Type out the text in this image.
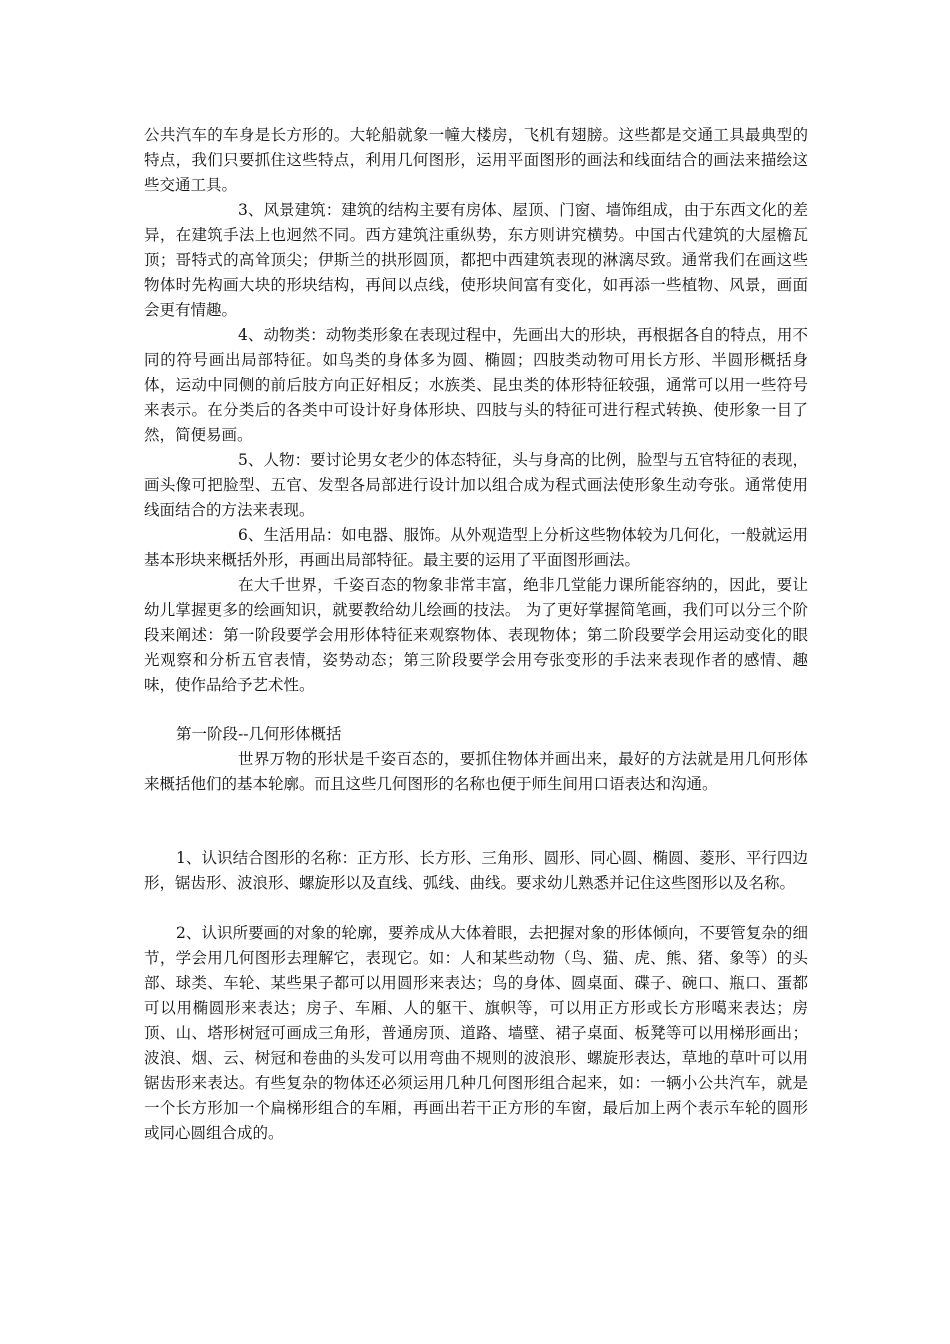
公共汽车的车身是长方形的。大轮船就象一幢大楼房，飞机有翅膀。这些都是交通工具最典型的特点，我们只要抓住这些特点，利用几何图形，运用平面图形的画法和线面结合的画法来描绘这些交通工具。

3、风景建筑：建筑的结构主要有房体、屋顶、门窗、墙饰组成，由于东西文化的差异，在建筑手法上也迥然不同。西方建筑注重纵势，东方则讲究横势。中国古代建筑的大屋檐瓦顶；哥特式的高耸顶尖；伊斯兰的拱形圆顶，都把中西建筑表现的淋漓尽致。通常我们在画这些物体时先构画大块的形块结构，再间以点线，使形块间富有变化，如再添一些植物、风景，画面会更有情趣。

4、动物类：动物类形象在表现过程中，先画出大的形块，再根据各自的特点，用不同的符号画出局部特征。如鸟类的身体多为圆、椭圆；四肢类动物可用长方形、半圆形概括身体，运动中同侧的前后肢方向正好相反；水族类、昆虫类的体形特征较强，通常可以用一些符号来表示。在分类后的各类中可设计好身体形块、四肢与头的特征可进行程式转换、使形象一目了然，简便易画。

5、人物：要讨论男女老少的体态特征，头与身高的比例，脸型与五官特征的表现，画头像可把脸型、五官、发型各局部进行设计加以组合成为程式画法使形象生动夸张。通常使用线面结合的方法来表现。

6、生活用品：如电器、服饰。从外观造型上分析这些物体较为几何化，一般就运用基本形块来概括外形，再画出局部特征。最主要的运用了平面图形画法。

在大千世界，千姿百态的物象非常丰富，绝非几堂能力课所能容纳的，因此，要让幼儿掌握更多的绘画知识，就要教给幼儿绘画的技法。 为了更好掌握简笔画，我们可以分三个阶段来阐述：第一阶段要学会用形体特征来观察物体、表现物体；第二阶段要学会用运动变化的眼光观察和分析五官表情，姿势动态；第三阶段要学会用夸张变形的手法来表现作者的感情、趣味，使作品给予艺术性。

第一阶段--几何形体概括

世界万物的形状是千姿百态的，要抓住物体并画出来，最好的方法就是用几何形体来概括他们的基本轮廓。而且这些几何图形的名称也便于师生间用口语表达和沟通。

1、认识结合图形的名称：正方形、长方形、三角形、圆形、同心圆、椭圆、菱形、平行四边形，锯齿形、波浪形、螺旋形以及直线、弧线、曲线。要求幼儿熟悉并记住这些图形以及名称。

2、认识所要画的对象的轮廓，要养成从大体着眼，去把握对象的形体倾向，不要管复杂的细节，学会用几何图形去理解它，表现它。如：人和某些动物（鸟、猫、虎、熊、猪、象等）的头部、球类、车轮、某些果子都可以用圆形来表达；鸟的身体、圆桌面、碟子、碗口、瓶口、蛋都可以用椭圆形来表达；房子、车厢、人的躯干、旗帜等，可以用正方形或长方形噶来表达；房顶、山、塔形树冠可画成三角形，普通房顶、道路、墙壁、裙子桌面、板凳等可以用梯形画出；波浪、烟、云、树冠和卷曲的头发可以用弯曲不规则的波浪形、螺旋形表达，草地的草叶可以用锯齿形来表达。有些复杂的物体还必须运用几种几何图形组合起来，如：一辆小公共汽车，就是一个长方形加一个扁梯形组合的车厢，再画出若干正方形的车窗，最后加上两个表示车轮的圆形或同心圆组合成的。
